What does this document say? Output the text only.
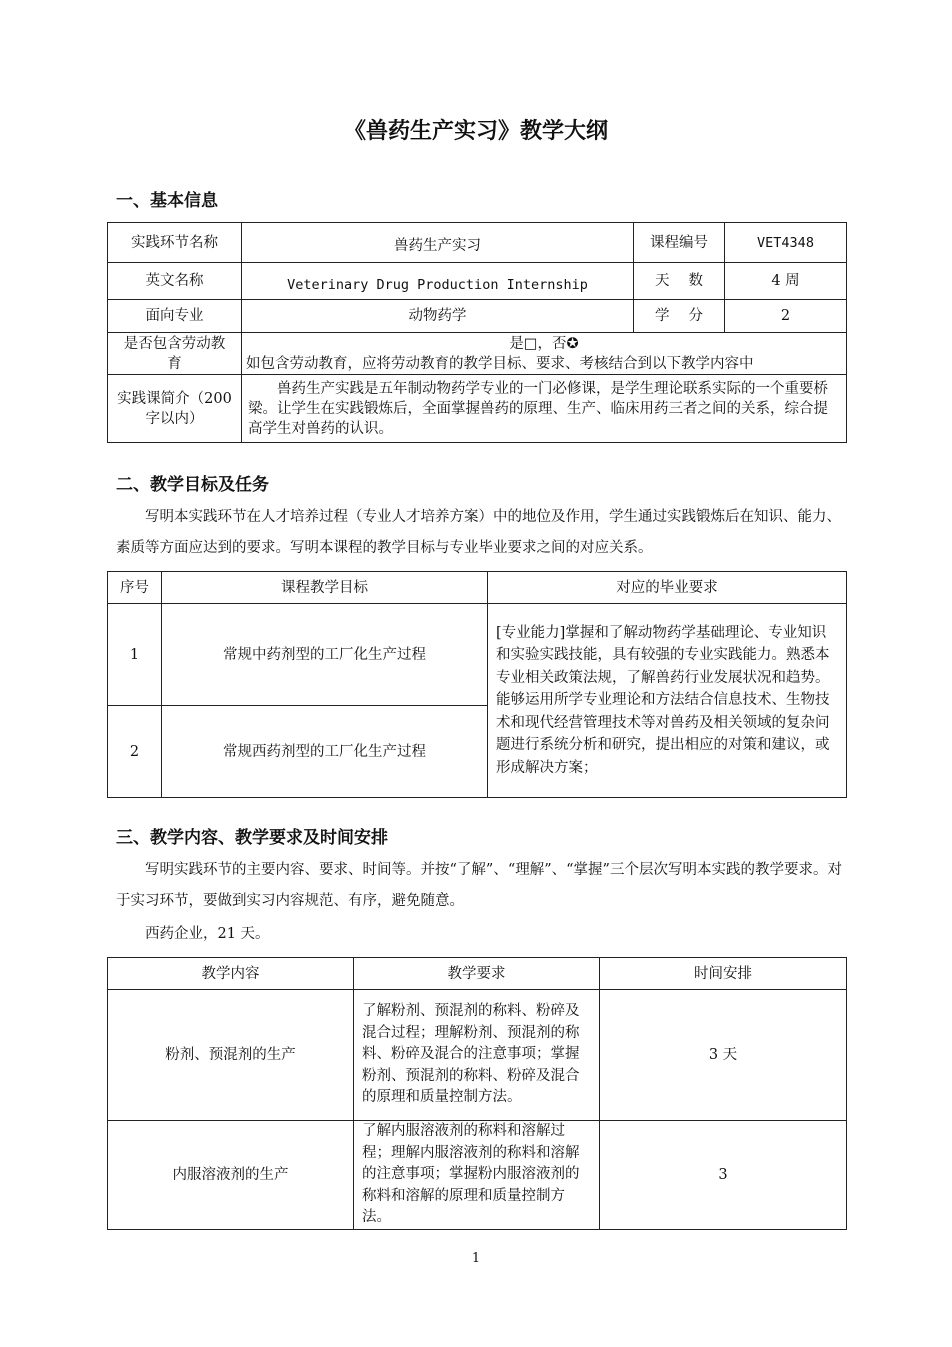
《兽药生产实习》教学大纲
一、基本信息
实践环节名称	兽药生产实习	课程编号	VET4348
英文名称	Veterinary Drug Production Internship	天　 数	4 周
面向专业	动物药学	学　 分	2
是否包含劳动教育	是□，否✪
如包含劳动教育，应将劳动教育的教学目标、要求、考核结合到以下教学内容中		

实践课简介（200字以内）	兽药生产实践是五年制动物药学专业的一门必修课，是学生理论联系实际的一个重要桥梁。让学生在实践锻炼后，全面掌握兽药的原理、生产、临床用药三者之间的关系，综合提高学生对兽药的认识。		
二、教学目标及任务
写明本实践环节在人才培养过程（专业人才培养方案）中的地位及作用，学生通过实践锻炼后在知识、能力、素质等方面应达到的要求。写明本课程的教学目标与专业毕业要求之间的对应关系。
序号	课程教学目标	对应的毕业要求
1	常规中药剂型的工厂化生产过程	[专业能力]掌握和了解动物药学基础理论、专业知识和实验实践技能，具有较强的专业实践能力。熟悉本专业相关政策法规，了解兽药行业发展状况和趋势。能够运用所学专业理论和方法结合信息技术、生物技术和现代经营管理技术等对兽药及相关领域的复杂问题进行系统分析和研究，提出相应的对策和建议，或形成解决方案；
2	常规西药剂型的工厂化生产过程	
三、教学内容、教学要求及时间安排
写明实践环节的主要内容、要求、时间等。并按“了解”、“理解”、“掌握”三个层次写明本实践的教学要求。对于实习环节，要做到实习内容规范、有序，避免随意。
西药企业，21 天。
教学内容	教学要求	时间安排
粉剂、预混剂的生产	了解粉剂、预混剂的称料、粉碎及混合过程；理解粉剂、预混剂的称料、粉碎及混合的注意事项；掌握粉剂、预混剂的称料、粉碎及混合的原理和质量控制方法。	3 天
内服溶液剂的生产	了解内服溶液剂的称料和溶解过程；理解内服溶液剂的称料和溶解的注意事项；掌握粉内服溶液剂的称料和溶解的原理和质量控制方法。	3
1
